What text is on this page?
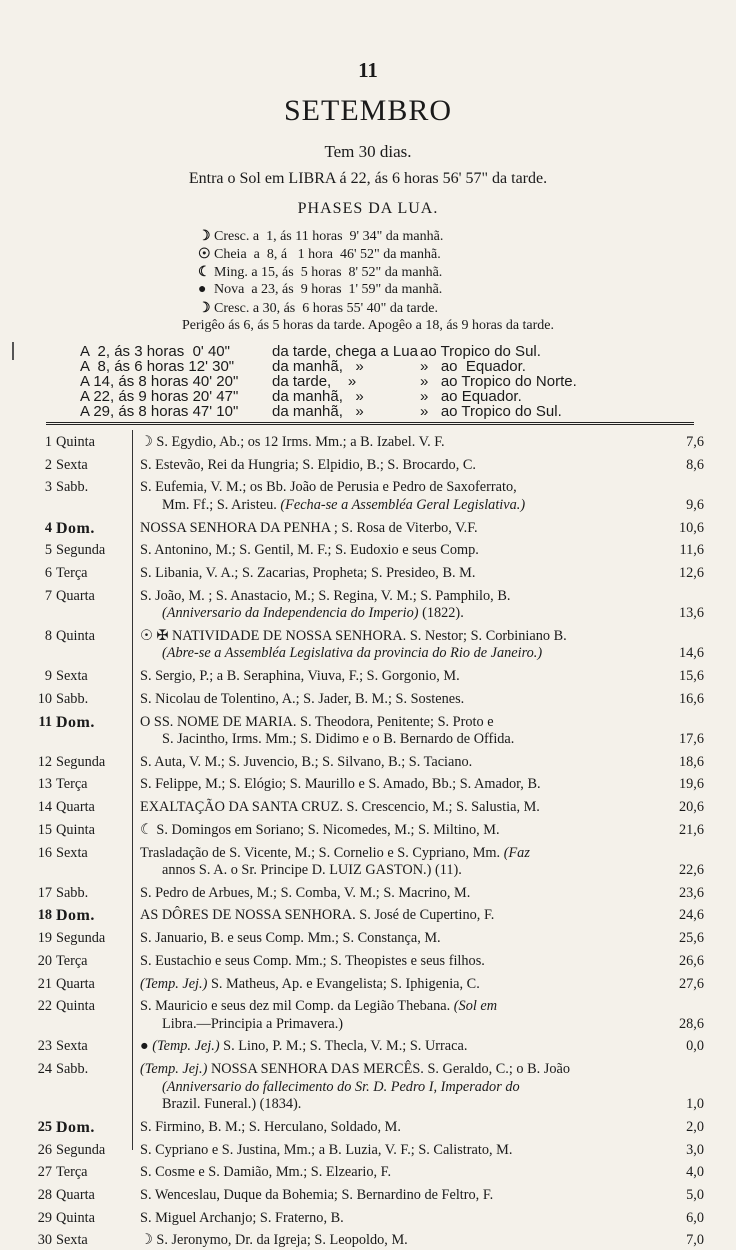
11
SETEMBRO
Tem 30 dias.
Entra o Sol em LIBRA á 22, ás 6 horas 56' 57" da tarde.
PHASES DA LUA.
☽ Cresc. a  1, ás 11 horas  9' 34" da manhã.
☉ Cheia  a  8, á   1 hora  46' 52" da manhã.
☾ Ming. a 15, ás  5 horas  8' 52" da manhã.
● Nova  a 23, ás  9 horas  1' 59" da manhã.
☽ Cresc. a 30, ás  6 horas 55' 40" da tarde.
Perigêo ás 6, ás 5 horas da tarde. Apogêo a 18, ás 9 horas da tarde.
A  2, ás 3 horas  0' 40"	da tarde, chega a Lua ao Tropico do Sul.
A  8, ás 6 horas 12' 30"	da manhã,   »	»   ao  Equador.
A 14, ás 8 horas 40' 20" da tarde,    »	»   ao Tropico do Norte.
A 22, ás 9 horas 20' 47" da manhã,   »	»   ao Equador.
A 29, ás 8 horas 47' 10" da manhã,   »	»   ao Tropico do Sul.
1 Quinta	☽ S. Egydio, Ab.; os 12 Irms. Mm.; a B. Izabel. V. F.	7,6
2 Sexta	S. Estevão, Rei da Hungria; S. Elpidio, B.; S. Brocardo, C.	8,6
3 Sabb.	S. Eufemia, V. M.; os Bb. João de Perusia e Pedro de Saxoferrato,
Mm. Ff.; S. Aristeu. (Fecha-se a Assembléa Geral Legislativa.)	9,6
4 Dom.	NOSSA SENHORA DA PENHA ; S. Rosa de Viterbo, V.F.	10,6
5 Segunda	S. Antonino, M.; S. Gentil, M. F.; S. Eudoxio e seus Comp.	11,6
6 Terça	S. Libania, V. A.; S. Zacarias, Propheta; S. Presideo, B. M.	12,6
7 Quarta	S. João, M. ; S. Anastacio, M.; S. Regina, V. M.; S. Pamphilo, B.
(Anniversario da Independencia do Imperio) (1822).	13,6
8 Quinta	☉ ✠ NATIVIDADE DE NOSSA SENHORA. S. Nestor; S. Corbiniano B.
(Abre-se a Assembléa Legislativa da provincia do Rio de Janeiro.)	14,6
9 Sexta	S. Sergio, P.; a B. Seraphina, Viuva, F.; S. Gorgonio, M.	15,6
10 Sabb.	S. Nicolau de Tolentino, A.; S. Jader, B. M.; S. Sostenes.	16,6
11 Dom.	O SS. NOME DE MARIA. S. Theodora, Penitente; S. Proto e
S. Jacintho, Irms. Mm.; S. Didimo e o B. Bernardo de Offida.	17,6
12 Segunda	S. Auta, V. M.; S. Juvencio, B.; S. Silvano, B.; S. Taciano.	18,6
13 Terça	S. Felippe, M.; S. Elógio; S. Maurillo e S. Amado, Bb.; S. Amador, B.	19,6
14 Quarta	EXALTAÇÃO DA SANTA CRUZ. S. Crescencio, M.; S. Salustia, M.	20,6
15 Quinta	☾ S. Domingos em Soriano; S. Nicomedes, M.; S. Miltino, M.	21,6
16 Sexta	Trasladação de S. Vicente, M.; S. Cornelio e S. Cypriano, Mm. (Faz
annos S. A. o Sr. Principe D. LUIZ GASTON.) (11).	22,6
17 Sabb.	S. Pedro de Arbues, M.; S. Comba, V. M.; S. Macrino, M.	23,6
18 Dom.	AS DÔRES DE NOSSA SENHORA. S. José de Cupertino, F.	24,6
19 Segunda	S. Januario, B. e seus Comp. Mm.; S. Constança, M.	25,6
20 Terça	S. Eustachio e seus Comp. Mm.; S. Theopistes e seus filhos.	26,6
21 Quarta	(Temp. Jej.) S. Matheus, Ap. e Evangelista; S. Iphigenia, C.	27,6
22 Quinta	S. Mauricio e seus dez mil Comp. da Legião Thebana. (Sol em
Libra.—Principia a Primavera.)	28,6
23 Sexta	● (Temp. Jej.) S. Lino, P. M.; S. Thecla, V. M.; S. Urraca.	0,0
24 Sabb.	(Temp. Jej.) NOSSA SENHORA DAS MERCÊS. S. Geraldo, C.; o B. João
(Anniversario do fallecimento do Sr. D. Pedro I, Imperador do
Brazil. Funeral.) (1834).	1,0
25 Dom.	S. Firmino, B. M.; S. Herculano, Soldado, M.	2,0
26 Segunda	S. Cypriano e S. Justina, Mm.; a B. Luzia, V. F.; S. Calistrato, M.	3,0
27 Terça	S. Cosme e S. Damião, Mm.; S. Elzeario, F.	4,0
28 Quarta	S. Wenceslau, Duque da Bohemia; S. Bernardino de Feltro, F.	5,0
29 Quinta	S. Miguel Archanjo; S. Fraterno, B.	6,0
30 Sexta	☽ S. Jeronymo, Dr. da Igreja; S. Leopoldo, M.	7,0
